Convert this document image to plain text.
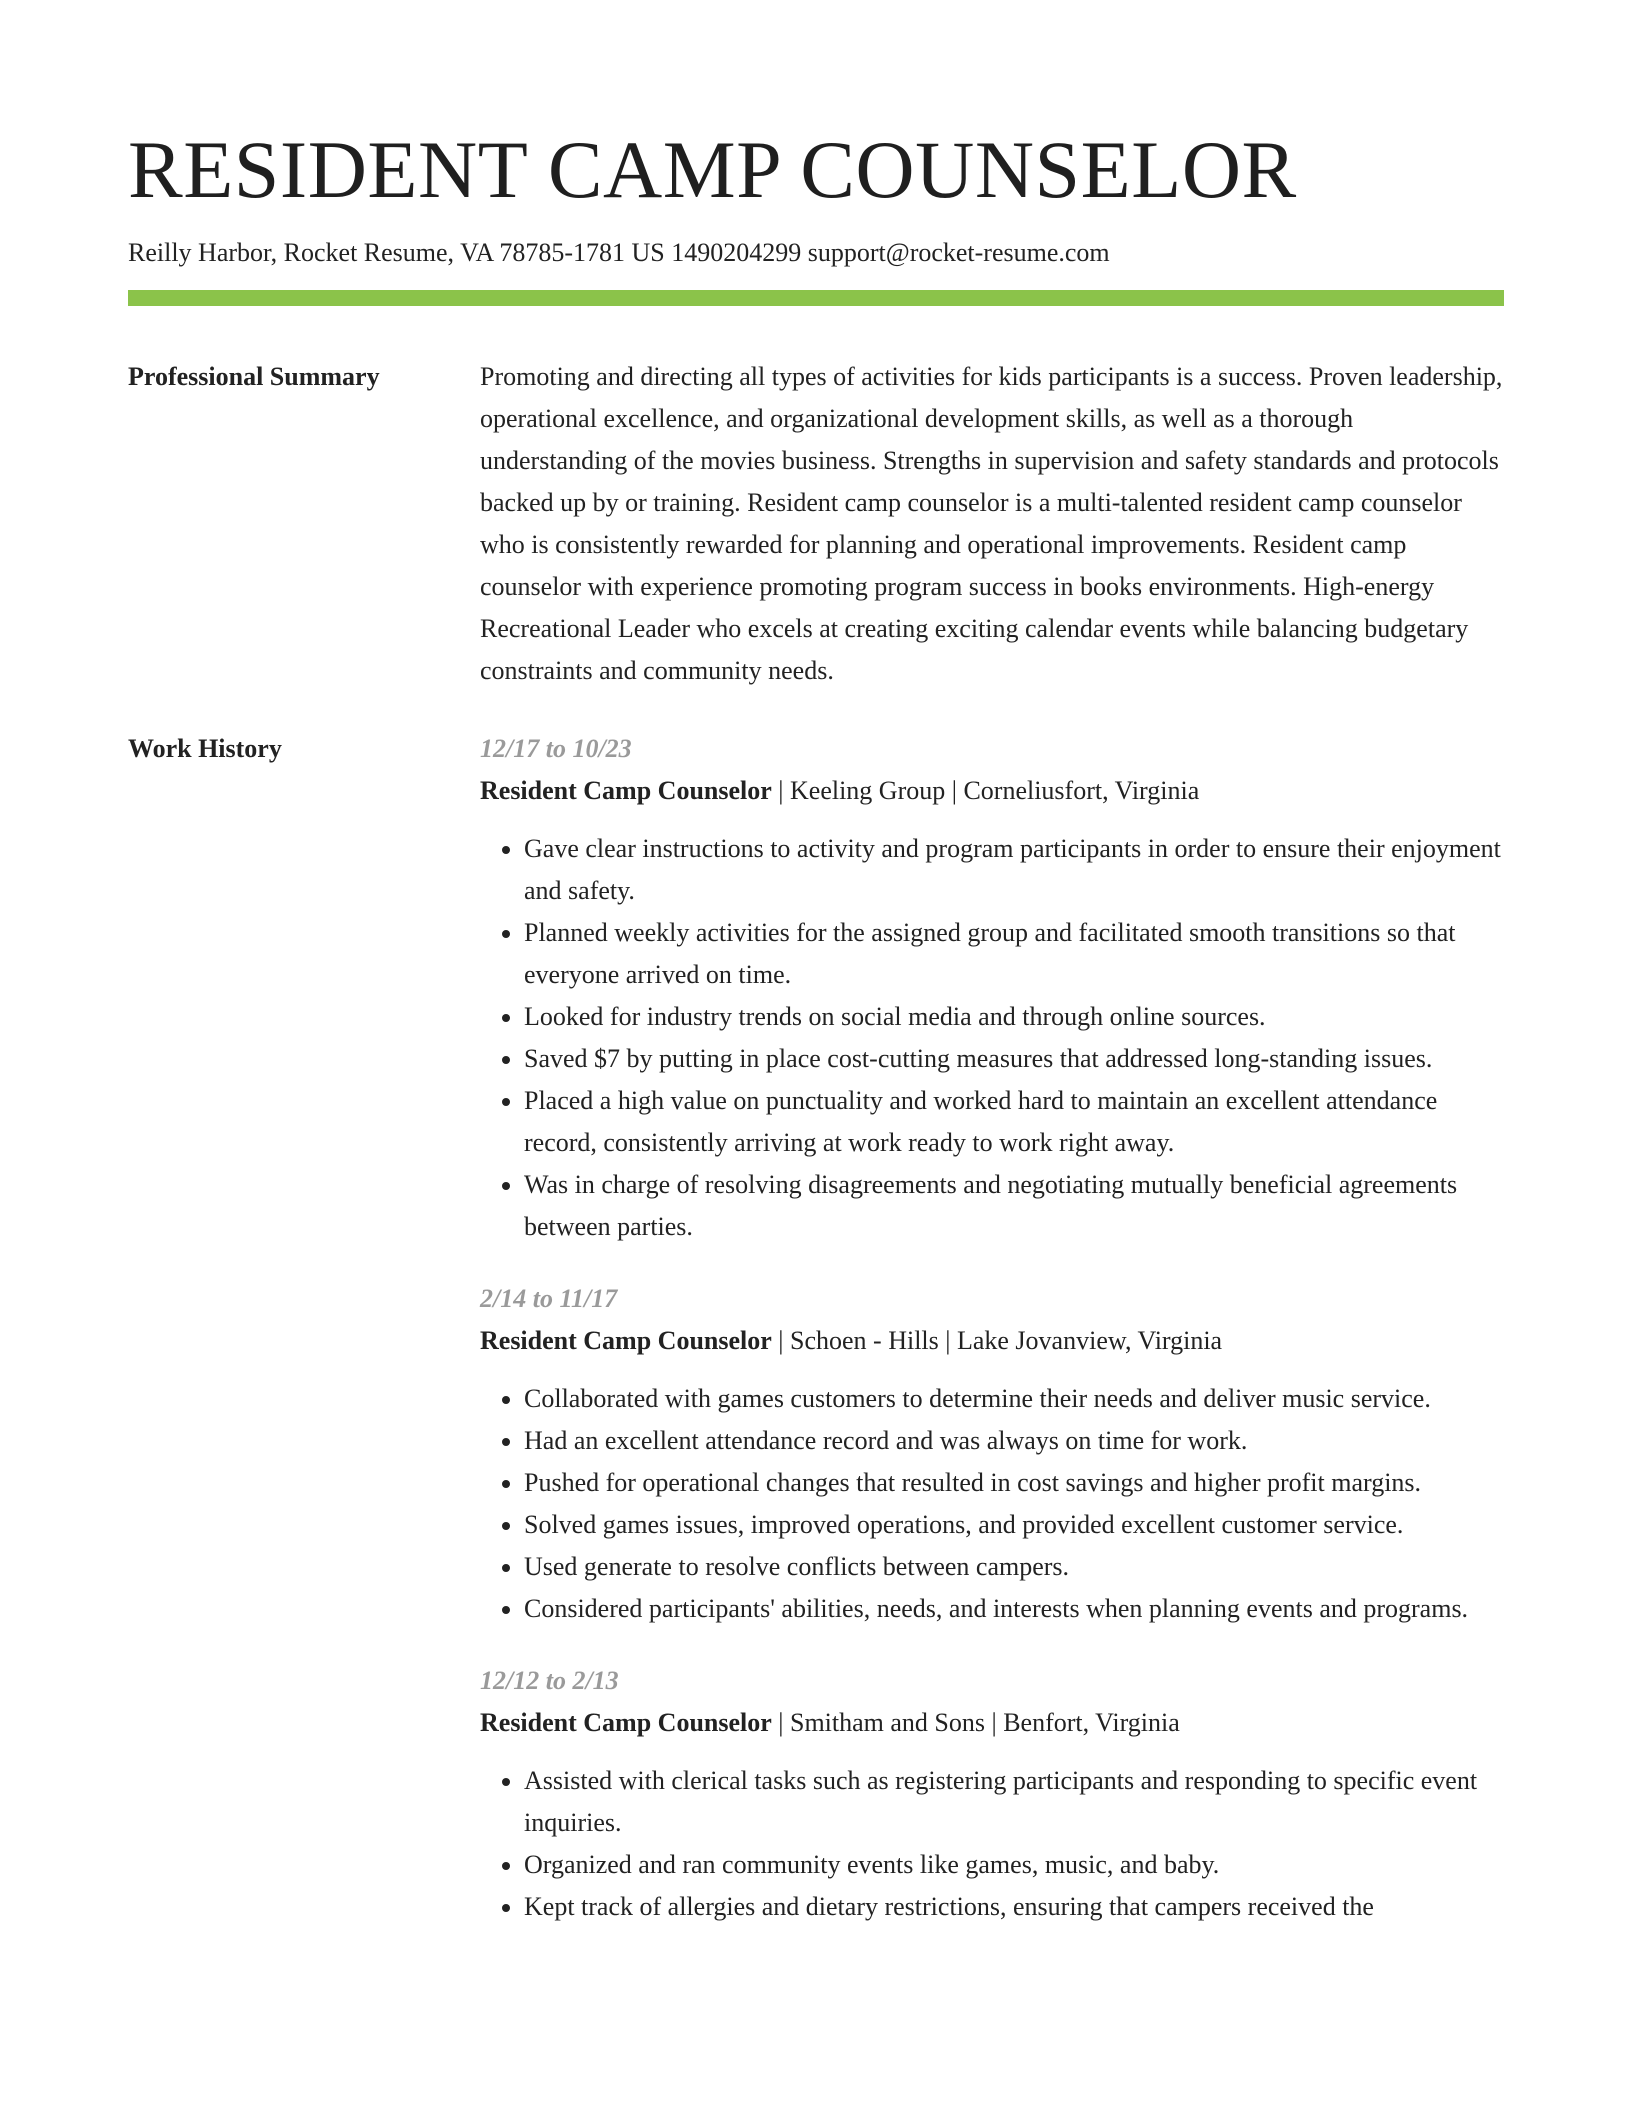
RESIDENT CAMP COUNSELOR
Reilly Harbor, Rocket Resume, VA 78785-1781 US 1490204299 support@rocket-resume.com
Professional Summary	Promoting and directing all types of activities for kids participants is a success. Proven leadership, operational excellence, and organizational development skills, as well as a thorough understanding of the movies business. Strengths in supervision and safety standards and protocols backed up by or training. Resident camp counselor is a multi-talented resident camp counselor who is consistently rewarded for planning and operational improvements. Resident camp counselor with experience promoting program success in books environments. High-energy Recreational Leader who excels at creating exciting calendar events while balancing budgetary constraints and community needs.

Work History	12/17 to 10/23
Resident Camp Counselor | Keeling Group | Corneliusfort, Virginia
• Gave clear instructions to activity and program participants in order to ensure their enjoyment and safety.
• Planned weekly activities for the assigned group and facilitated smooth transitions so that everyone arrived on time.
• Looked for industry trends on social media and through online sources.
• Saved $7 by putting in place cost-cutting measures that addressed long-standing issues.
• Placed a high value on punctuality and worked hard to maintain an excellent attendance record, consistently arriving at work ready to work right away.
• Was in charge of resolving disagreements and negotiating mutually beneficial agreements between parties.
2/14 to 11/17
Resident Camp Counselor | Schoen - Hills | Lake Jovanview, Virginia
• Collaborated with games customers to determine their needs and deliver music service.
• Had an excellent attendance record and was always on time for work.
• Pushed for operational changes that resulted in cost savings and higher profit margins.
• Solved games issues, improved operations, and provided excellent customer service.
• Used generate to resolve conflicts between campers.
• Considered participants' abilities, needs, and interests when planning events and programs.
12/12 to 2/13
Resident Camp Counselor | Smitham and Sons | Benfort, Virginia
• Assisted with clerical tasks such as registering participants and responding to specific event inquiries.
• Organized and ran community events like games, music, and baby.
• Kept track of allergies and dietary restrictions, ensuring that campers received the
